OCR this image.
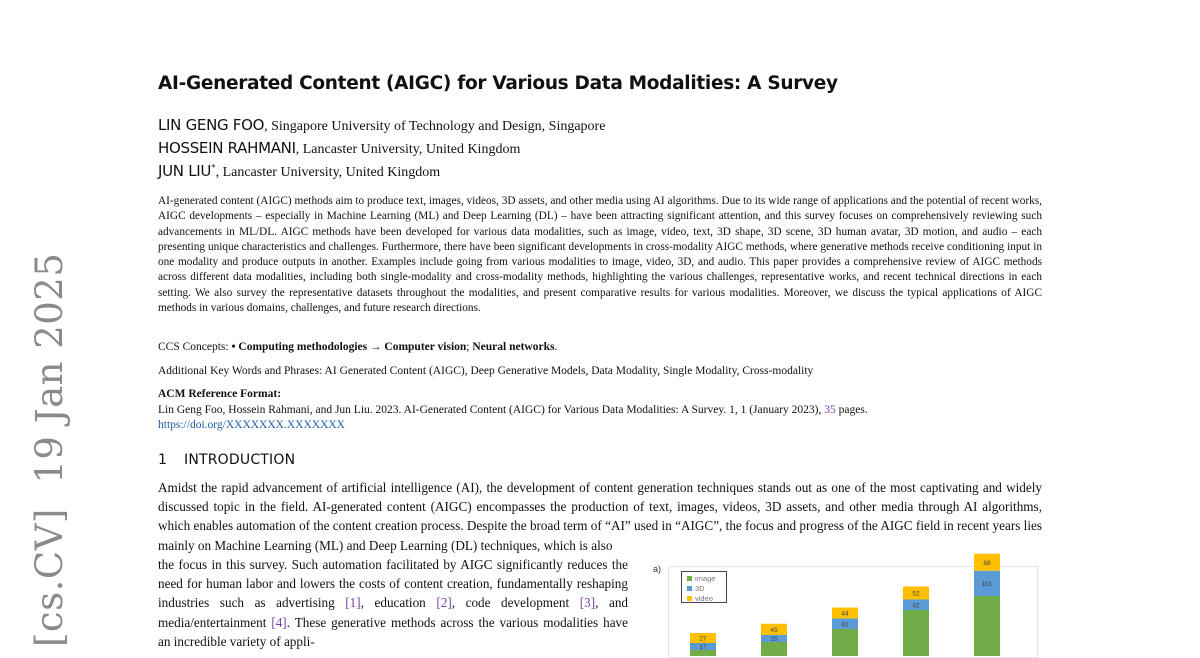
[cs.CV]  19 Jan 2025
AI-Generated Content (AIGC) for Various Data Modalities: A Survey
LIN GENG FOO, Singapore University of Technology and Design, Singapore
HOSSEIN RAHMANI, Lancaster University, United Kingdom
JUN LIU*, Lancaster University, United Kingdom
AI-generated content (AIGC) methods aim to produce text, images, videos, 3D assets, and other media using AI algorithms. Due to its wide range of applications and the potential of recent works, AIGC developments – especially in Machine Learning (ML) and Deep Learning (DL) – have been attracting significant attention, and this survey focuses on comprehensively reviewing such advancements in ML/DL. AIGC methods have been developed for various data modalities, such as image, video, text, 3D shape, 3D scene, 3D human avatar, 3D motion, and audio – each presenting unique characteristics and challenges. Furthermore, there have been significant developments in cross-modality AIGC methods, where generative methods receive conditioning input in one modality and produce outputs in another. Examples include going from various modalities to image, video, 3D, and audio. This paper provides a comprehensive review of AIGC methods across different data modalities, including both single-modality and cross-modality methods, highlighting the various challenges, representative works, and recent technical directions in each setting. We also survey the representative datasets throughout the modalities, and present comparative results for various modalities. Moreover, we discuss the typical applications of AIGC methods in various domains, challenges, and future research directions.
CCS Concepts: • Computing methodologies → Computer vision; Neural networks.
Additional Key Words and Phrases: AI Generated Content (AIGC), Deep Generative Models, Data Modality, Single Modality, Cross-modality
ACM Reference Format:
Lin Geng Foo, Hossein Rahmani, and Jun Liu. 2023. AI-Generated Content (AIGC) for Various Data Modalities: A Survey. 1, 1 (January 2023), 35 pages.
https://doi.org/XXXXXXX.XXXXXXX
1 INTRODUCTION
Amidst the rapid advancement of artificial intelligence (AI), the development of content generation techniques stands out as one of the most captivating and widely discussed topic in the field. AI-generated content (AIGC) encompasses the production of text, images, videos, 3D assets, and other media through AI algorithms, which enables automation of the content creation process. Despite the broad term of “AI” used in “AIGC”, the focus and progress of the AIGC field in recent years lies mainly on Machine Learning (ML) and Deep Learning (DL) techniques, which is also
the focus in this survey. Such automation facilitated by AIGC significantly reduces the need for human labor and lowers the costs of content creation, fundamentally reshaping industries such as advertising [1], education [2], code development [3], and media/entertainment [4]. These generative methods across the various modalities have an incredible variety of appli-
a)
17
27	25
45
42
44
42
52
101
68
image
3D
video
